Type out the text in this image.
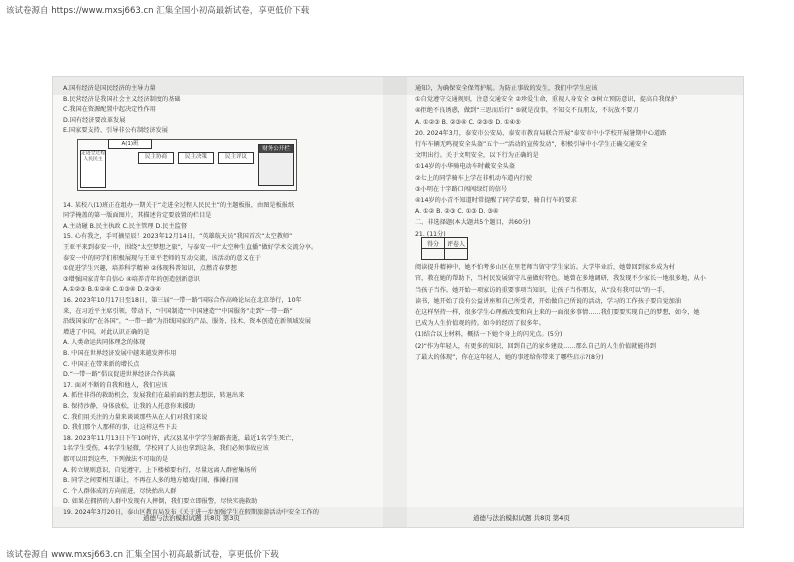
该试卷源自 https://www.mxsj663.cn 汇集全国小初高最新试卷，享更低价下载
A.国有经济是国民经济的主导力量
B.民营经济是我国社会主义经济制度的基础
C.我国在资源配置中起决定性作用
D.国有经济要改革发展
E.国家要支持、引导非公有制经济发展
14. 某校八(1)班正在组办一期关于“走进全过程人民民主”的主题板报，由图是板报纸
同学掩盖的第一版面图片，其描述肯定要放置的栏目是
A.主动碰 B.民主执政 C.民主管理 D.民主监督
15. 心有我之，手可摘星辰！2023年12月14日，“英雄航天员”我国首次“太空教师”
王亚平来到泰安一中，围绕“太空梦想之旅”，与泰安一中“太空种生直播”做好学术交流分享。
泰安一中的同学们积极展现与王亚平老师的互动交流，该活动的意义在于
①促进学生兴趣，培养科学精神 ②体现科普知识，点燃青春梦想
③增强国家青年自信心 ④培养青年的创造创新意识
A.①②③ B.①②④ C.①③④ D.②③④
16. 2023年10月17日至18日，第三届“一带一路”国际合作高峰论坛在北京举行，10年
来，在习近平主席引领，带动下，“中国制造”“中国建造”“中国服务”走到“一带一路”
沿线国家的“在各国”，“一带一路”为沿线国家的产品、服务、技术、资本创造在新领域发展
增进了中国。对此认识正确的是
A. 人类命运共同体理念的体现
B. 中国在世界经济发展中越来越发挥作用
C. 中国正在带来新的增长点
D.“一带一路”倡议促进世界经济合作共赢
17. 面对不断的自我和他人，我们应该
A. 抓住非得的救助机会，发展我们在最前面的想去想法，转退出来
B. 保持沙静，身体放松，让我的人托意你来援助
C. 我们用关注的力量来谈谈那些从在人们对我们来说
D. 我们那个人那样的事，让这样这些下去
18. 2023年11月13日下午10时许，武汉县某中学学生解路丧逝，最近1名学生死亡，
1名学生受伤，4名学生轻微，学校同了人员也拿到这条，我们必须事故应该
都可以用到这些，下列做法不可取的是
A. 转立规则意识，自觉遵守，上下楼梯要右行，尽量远离人群密集场所
B. 同学之间要相互谦让，不再在人多的地方嬉戏打闹，推搡打闹
C. 个人群体成的方向前进，尽快抬出人群
D. 如果在拥挤的人群中发现有人摔倒，我们要立即报警，尽快实施救助
19. 2024年3月20日，泰山区教育局发布《关于进一步加强学生在假期旅游活动中安全工作的
通知》，为确保安全保驾护航。为防止事故的发生，我们中学生应该
①自觉遵守交通规则，注意交通安全 ②珍爱生命，重视人身安全 ③树立预防意识，提高自我保护
④拒绝不良诱惑，做到“三思而后行” ⑤就是没事，不知交不良朋友，不玩放不要刀
A. ①②③ B. ②③④ C. ②③⑤ D. ①④⑤
20. 2024年3月，泰安市公安局、泰安市教育局联合开展“泰安市中小学校开展暑期中心道路
行车车辆无鸣视安全头盔”五个一“活动的宣传发动”，积极引导中小学生正确交通安全
文明出行。关于文明安全，以下行为正确的是
①14岁的小华骑电动车时戴安全头盔
②七上的同学骑车上学在非机动车道内行驶
③小明在十字路口闯闯绿灯的信号
④14岁的小青不知道时常提醒了同学看要，骑自行车的要求
A. ①② B. ②③ C. ①③ D. ③④
二、非选择题(本大题共5个题目，共60分)
21. (11分)
阅读提升精神中，她不怕考多山区在里老师当留守学生家访。大学毕业后，她曾回到家乡成为村
官，教在她的帮助下，当村民发展留守儿童做好特色。她曾在多地调研，我发现不少家长一地很多地，从小
当孩子当作。她开始一项家访的重要事项当知识，让孩子当作朋友，从“没有我可以”的一手，
读书，她开始了没有公益讲座和自己所受者，开始做自己所说的活动，学习的工作孩子要自觉加油
在这样坚持一样，很多学生心理被改变和向上来的一面很多事情……我们要要实现自己的梦想，如今，她
已成为人生价值观的持。如今的经历了很多年。
(1)结合以上材料，概括一下她个身上的闪光点。(5分)
(2)“作为年轻人，有更多的知识，回到自己的家乡建设……那么自己的人生价值就能得到
了最大的体现”，你在这年轻人，她的事迹给你带来了哪些启示?(8分)
A(1)班
走进全过程人民民主	民主协商	民主决策	民主评议
财务公开栏
得分	评卷人

道德与法治模拟试题 共8页 第3页	道德与法治模拟试题 共8页 第4页
该试卷源自 www.mxsj663.cn 汇集全国小初高最新试卷，享更低价下载
